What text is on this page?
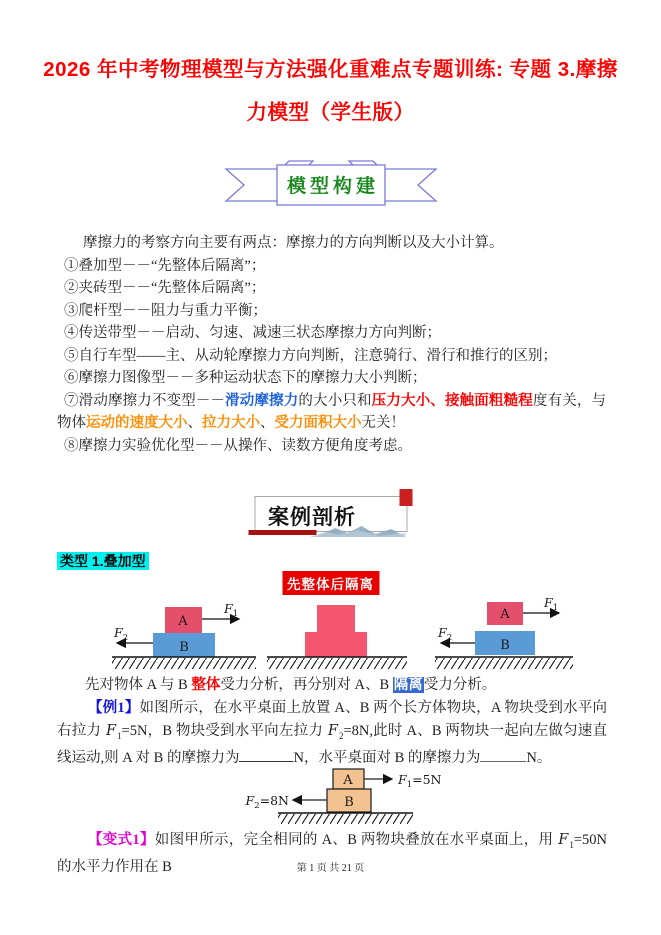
2026 年中考物理模型与方法强化重难点专题训练: 专题 3.摩擦力模型（学生版）
模型构建

摩擦力的考察方向主要有两点：摩擦力的方向判断以及大小计算。

①叠加型－－“先整体后隔离”；

②夹砖型－－“先整体后隔离”；

③爬杆型－－阻力与重力平衡；

④传送带型－－启动、匀速、减速三状态摩擦力方向判断；

⑤自行车型——主、从动轮摩擦力方向判断，注意骑行、滑行和推行的区别；

⑥摩擦力图像型－－多种运动状态下的摩擦力大小判断；

⑦滑动摩擦力不变型－－滑动摩擦力的大小只和压力大小、接触面粗糙程度有关，与物体运动的速度大小、拉力大小、受力面积大小无关！

⑧摩擦力实验优化型－－从操作、读数方便角度考虑。

案例剖析
类型 1.叠加型
先整体后隔离
A
B
$F_1$
$F_2$
A
B
$F_1$
$F_2$
先对物体 A 与 B 整体受力分析，再分别对 A、B 隔离受力分析。
【例1】如图所示，在水平桌面上放置 A、B 两个长方体物块，A 物块受到水平向右拉力 $F_1=5N$，B 物块受到水平向左拉力 $F_2=8N$,此时 A、B 两物块一起向左做匀速直线运动,则 A 对 B 的摩擦力为	N，水平桌面对 B 的摩擦力为	N。
A
B
$F_1=5N$
$F_2=8N$
【变式1】如图甲所示，完全相同的 A、B 两物块叠放在水平桌面上，用 $F_1=50N$ 的水平力作用在 B	第 1 页 共 21 页
